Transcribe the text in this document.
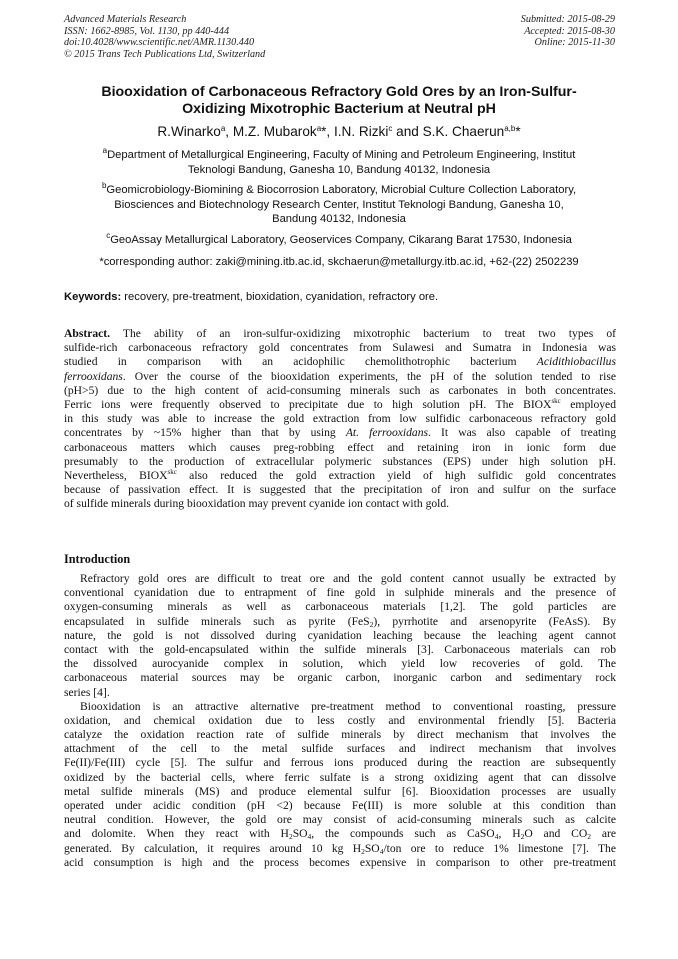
Advanced Materials Research
ISSN: 1662-8985, Vol. 1130, pp 440-444
doi:10.4028/www.scientific.net/AMR.1130.440
© 2015 Trans Tech Publications Ltd, Switzerland
Submitted: 2015-08-29
Accepted: 2015-08-30
Online: 2015-11-30
Biooxidation of Carbonaceous Refractory Gold Ores by an Iron-Sulfur-
Oxidizing Mixotrophic Bacterium at Neutral pH
R.Winarko$^a$, M.Z. Mubarok$^a$*, I.N. Rizki$^c$ and S.K. Chaerun$^{a,b}$*
$^a$Department of Metallurgical Engineering, Faculty of Mining and Petroleum Engineering, Institut
Teknologi Bandung, Ganesha 10, Bandung 40132, Indonesia
$^b$Geomicrobiology-Biomining & Biocorrosion Laboratory, Microbial Culture Collection Laboratory,
Biosciences and Biotechnology Research Center, Institut Teknologi Bandung, Ganesha 10,
Bandung 40132, Indonesia
$^c$GeoAssay Metallurgical Laboratory, Geoservices Company, Cikarang Barat 17530, Indonesia
*corresponding author: zaki@mining.itb.ac.id, skchaerun@metallurgy.itb.ac.id, +62-(22) 2502239
Keywords: recovery, pre-treatment, bioxidation, cyanidation, refractory ore.
Abstract. The ability of an iron-sulfur-oxidizing mixotrophic bacterium to treat two types of
sulfide-rich carbonaceous refractory gold concentrates from Sulawesi and Sumatra in Indonesia was
studied in comparison with an acidophilic chemolithotrophic bacterium Acidithiobacillus
ferrooxidans. Over the course of the biooxidation experiments, the pH of the solution tended to rise
(pH>5) due to the high content of acid-consuming minerals such as carbonates in both concentrates.
Ferric ions were frequently observed to precipitate due to high solution pH. The $BIOX^{skc}$ employed
in this study was able to increase the gold extraction from low sulfidic carbonaceous refractory gold
concentrates by ~15% higher than that by using At. ferrooxidans. It was also capable of treating
carbonaceous matters which causes preg-robbing effect and retaining iron in ionic form due
presumably to the production of extracellular polymeric substances (EPS) under high solution pH.
Nevertheless, $BIOX^{skc}$ also reduced the gold extraction yield of high sulfidic gold concentrates
because of passivation effect. It is suggested that the precipitation of iron and sulfur on the surface
of sulfide minerals during biooxidation may prevent cyanide ion contact with gold.
Introduction
Refractory gold ores are difficult to treat ore and the gold content cannot usually be extracted by
conventional cyanidation due to entrapment of fine gold in sulphide minerals and the presence of
oxygen-consuming minerals as well as carbonaceous materials [1,2]. The gold particles are
encapsulated in sulfide minerals such as pyrite (FeS2), pyrrhotite and arsenopyrite (FeAsS). By
nature, the gold is not dissolved during cyanidation leaching because the leaching agent cannot
contact with the gold-encapsulated within the sulfide minerals [3]. Carbonaceous materials can rob
the dissolved aurocyanide complex in solution, which yield low recoveries of gold. The
carbonaceous material sources may be organic carbon, inorganic carbon and sedimentary rock
series [4].
Biooxidation is an attractive alternative pre-treatment method to conventional roasting, pressure
oxidation, and chemical oxidation due to less costly and environmental friendly [5]. Bacteria
catalyze the oxidation reaction rate of sulfide minerals by direct mechanism that involves the
attachment of the cell to the metal sulfide surfaces and indirect mechanism that involves
Fe(II)/Fe(III) cycle [5]. The sulfur and ferrous ions produced during the reaction are subsequently
oxidized by the bacterial cells, where ferric sulfate is a strong oxidizing agent that can dissolve
metal sulfide minerals (MS) and produce elemental sulfur [6]. Biooxidation processes are usually
operated under acidic condition (pH <2) because Fe(III) is more soluble at this condition than
neutral condition. However, the gold ore may consist of acid-consuming minerals such as calcite
and dolomite. When they react with H2SO4, the compounds such as CaSO4, H2O and CO2 are
generated. By calculation, it requires around 10 kg H2SO4/ton ore to reduce 1% limestone [7]. The
acid consumption is high and the process becomes expensive in comparison to other pre-treatment
